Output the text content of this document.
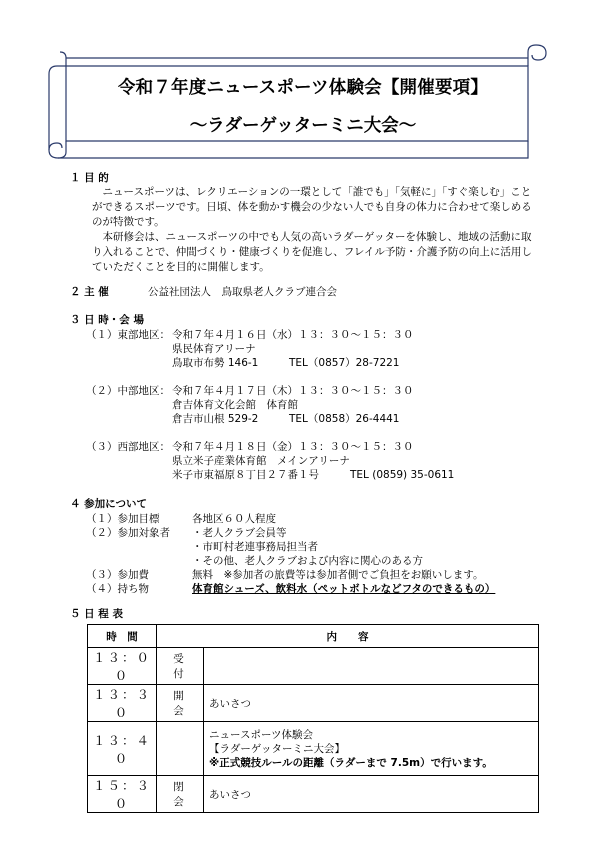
令和７年度ニュースポーツ体験会【開催要項】
～ラダーゲッターミニ大会～
１ 目 的

ニュースポーツは、レクリエーションの一環として「誰でも」「気軽に」「すぐ楽しむ」ことができるスポーツです。日頃、体を動かす機会の少ない人でも自身の体力に合わせて楽しめるのが特徴です。

本研修会は、ニュースポーツの中でも人気の高いラダーゲッターを体験し、地域の活動に取り入れることで、仲間づくり・健康づくりを促進し、フレイル予防・介護予防の向上に活用していただくことを目的に開催します。

２ 主 催	公益社団法人　鳥取県老人クラブ連合会
３ 日 時・会 場
（１）東部地区： 令和７年４月１６日（水）１３：３０～１５：３０
県民体育アリーナ
鳥取市布勢 146-1	TEL（0857）28-7221
（２）中部地区： 令和７年４月１７日（木）１３：３０～１５：３０
倉吉体育文化会館　体育館
倉吉市山根 529-2	TEL（0858）26-4441
（３）西部地区： 令和７年４月１８日（金）１３：３０～１５：３０
県立米子産業体育館　メインアリーナ
米子市東福原８丁目２７番１号	TEL (0859) 35-0611
４ 参加について
（１）参加目標	各地区６０人程度
（２）参加対象者 ・老人クラブ会員等
・市町村老連事務局担当者
・その他、老人クラブおよび内容に関心のある方
（３）参加費	無料　※参加者の旅費等は参加者側でご負担をお願いします。
（４）持ち物	体育館シューズ、飲料水（ペットボトルなどフタのできるもの）
５ 日 程 表
時　間	内　　容	
１３：００	受　付	
１３：３０	開　会	あいさつ
１３：４０		ニュースポーツ体験会
【ラダーゲッターミニ大会】
※正式競技ルールの距離（ラダーまで 7.5m）で行います。

１５：３０	閉　会	あいさつ
